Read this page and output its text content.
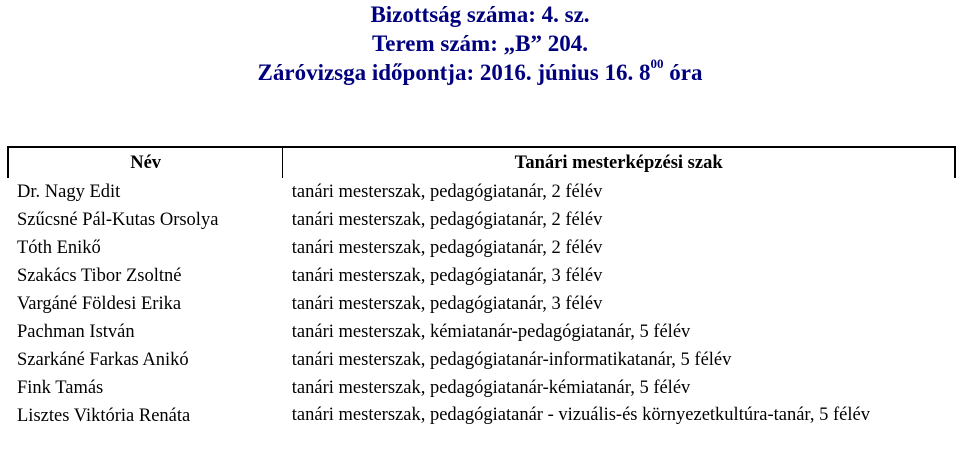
Bizottság száma: 4. sz.
Terem szám: „B” 204.
Záróvizsga időpontja: 2016. június 16. $8^{00}$ óra
Név	Tanári mesterképzési szak
Dr. Nagy Edit	tanári mesterszak, pedagógiatanár, 2 félév
Szűcsné Pál-Kutas Orsolya	tanári mesterszak, pedagógiatanár, 2 félév
Tóth Enikő	tanári mesterszak, pedagógiatanár, 2 félév
Szakács Tibor Zsoltné	tanári mesterszak, pedagógiatanár, 3 félév
Vargáné Földesi Erika	tanári mesterszak, pedagógiatanár, 3 félév
Pachman István	tanári mesterszak, kémiatanár-pedagógiatanár, 5 félév
Szarkáné Farkas Anikó	tanári mesterszak, pedagógiatanár-informatikatanár, 5 félév
Fink Tamás	tanári mesterszak, pedagógiatanár-kémiatanár, 5 félév
Lisztes Viktória Renáta	tanári mesterszak, pedagógiatanár - vizuális-és környezetkultúra-tanár, 5 félév
